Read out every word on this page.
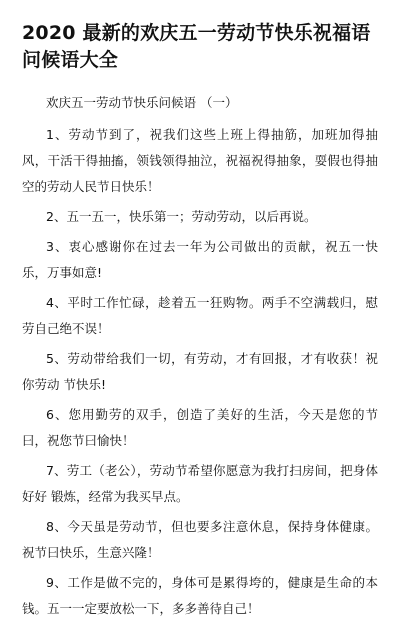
2020 最新的欢庆五一劳动节快乐祝福语问候语大全
欢庆五一劳动节快乐问候语 （一）

1、劳动节到了，祝我们这些上班上得抽筋，加班加得抽风，干活干得抽搐，领钱领得抽泣，祝福祝得抽象，耍假也得抽空的劳动人民节日快乐！

2、五一五一，快乐第一；劳动劳动，以后再说。

3、衷心感谢你在过去一年为公司做出的贡献，祝五一快乐，万事如意!

4、平时工作忙碌，趁着五一狂购物。两手不空满载归，慰劳自己绝不误！

5、劳动带给我们一切，有劳动，才有回报，才有收获！祝你劳动 节快乐!

6、您用勤劳的双手，创造了美好的生活，今天是您的节曰，祝您节曰愉快！

7、劳工（老公），劳动节希望你愿意为我打扫房间，把身体好好 锻炼，经常为我买早点。

8、今天虽是劳动节，但也要多注意休息，保持身体健康。祝节曰快乐，生意兴隆！

9、工作是做不完的，身体可是累得垮的，健康是生命的本钱。五一一定要放松一下，多多善待自己！
